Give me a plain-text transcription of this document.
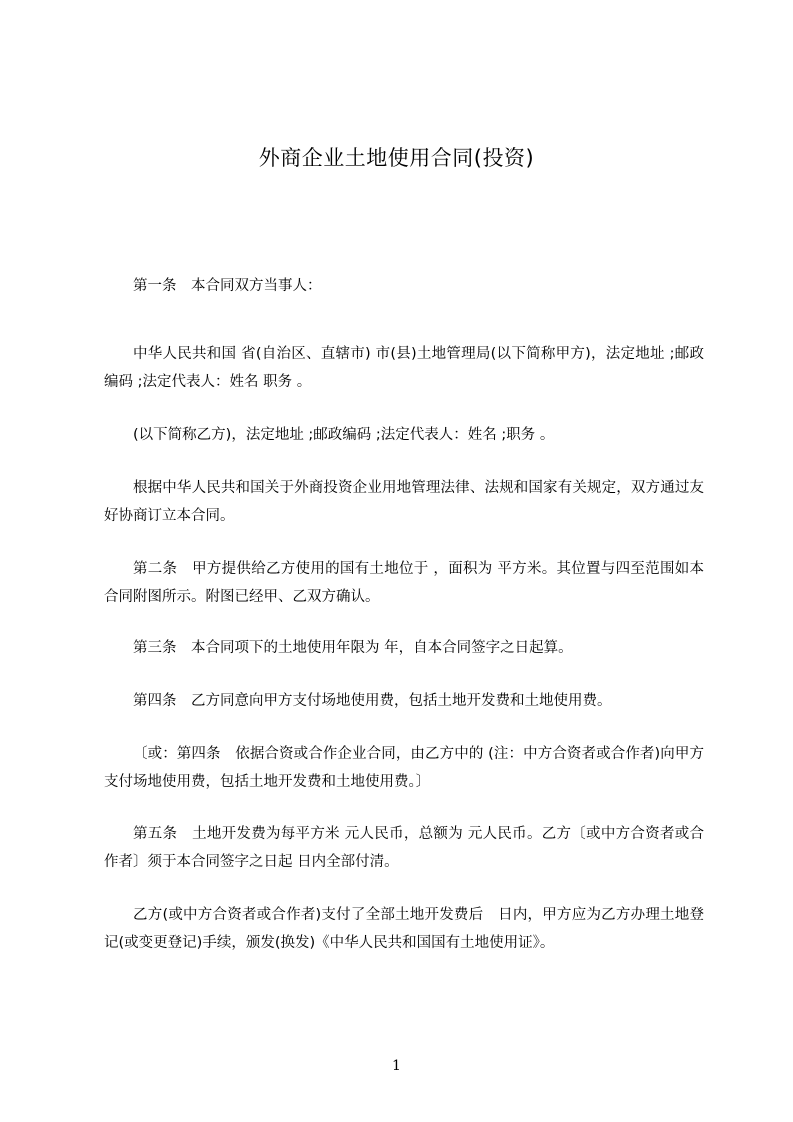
外商企业土地使用合同(投资)

第一条　本合同双方当事人：

中华人民共和国 省(自治区、直辖市) 市(县)土地管理局(以下简称甲方)，法定地址 ;邮政编码 ;法定代表人：姓名 职务 。

(以下简称乙方)，法定地址 ;邮政编码 ;法定代表人：姓名 ;职务 。

根据中华人民共和国关于外商投资企业用地管理法律、法规和国家有关规定，双方通过友好协商订立本合同。

第二条　甲方提供给乙方使用的国有土地位于 ，面积为 平方米。其位置与四至范围如本合同附图所示。附图已经甲、乙双方确认。

第三条　本合同项下的土地使用年限为 年，自本合同签字之日起算。

第四条　乙方同意向甲方支付场地使用费，包括土地开发费和土地使用费。

〔或：第四条　依据合资或合作企业合同，由乙方中的 (注：中方合资者或合作者)向甲方支付场地使用费，包括土地开发费和土地使用费。〕

第五条　土地开发费为每平方米 元人民币，总额为 元人民币。乙方〔或中方合资者或合作者〕须于本合同签字之日起 日内全部付清。

乙方(或中方合资者或合作者)支付了全部土地开发费后　日内，甲方应为乙方办理土地登记(或变更登记)手续，颁发(换发)《中华人民共和国国有土地使用证》。

1
